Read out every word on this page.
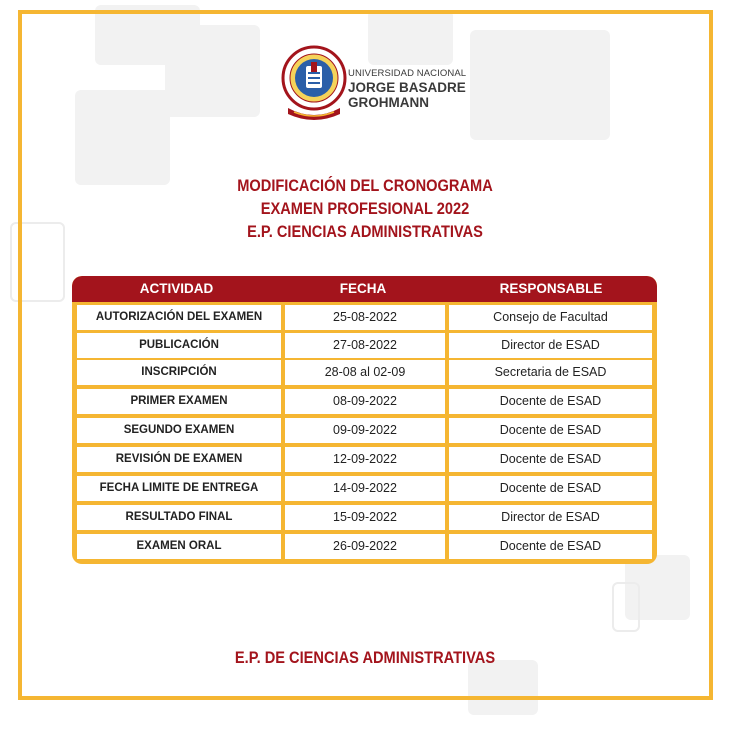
UNIVERSIDAD NACIONAL
JORGE BASADRE
GROHMANN
MODIFICACIÓN DEL CRONOGRAMA
EXAMEN PROFESIONAL 2022
E.P. CIENCIAS ADMINISTRATIVAS
ACTIVIDAD	FECHA	RESPONSABLE
AUTORIZACIÓN DEL EXAMEN	25-08-2022	Consejo de Facultad
PUBLICACIÓN	27-08-2022	Director de ESAD
INSCRIPCIÓN	28-08 al 02-09	Secretaria de ESAD
PRIMER EXAMEN	08-09-2022	Docente de ESAD
SEGUNDO EXAMEN	09-09-2022	Docente de ESAD
REVISIÓN DE EXAMEN	12-09-2022	Docente de ESAD
FECHA LIMITE DE ENTREGA	14-09-2022	Docente de ESAD
RESULTADO FINAL	15-09-2022	Director de ESAD
EXAMEN ORAL	26-09-2022	Docente de ESAD
E.P. DE CIENCIAS ADMINISTRATIVAS
